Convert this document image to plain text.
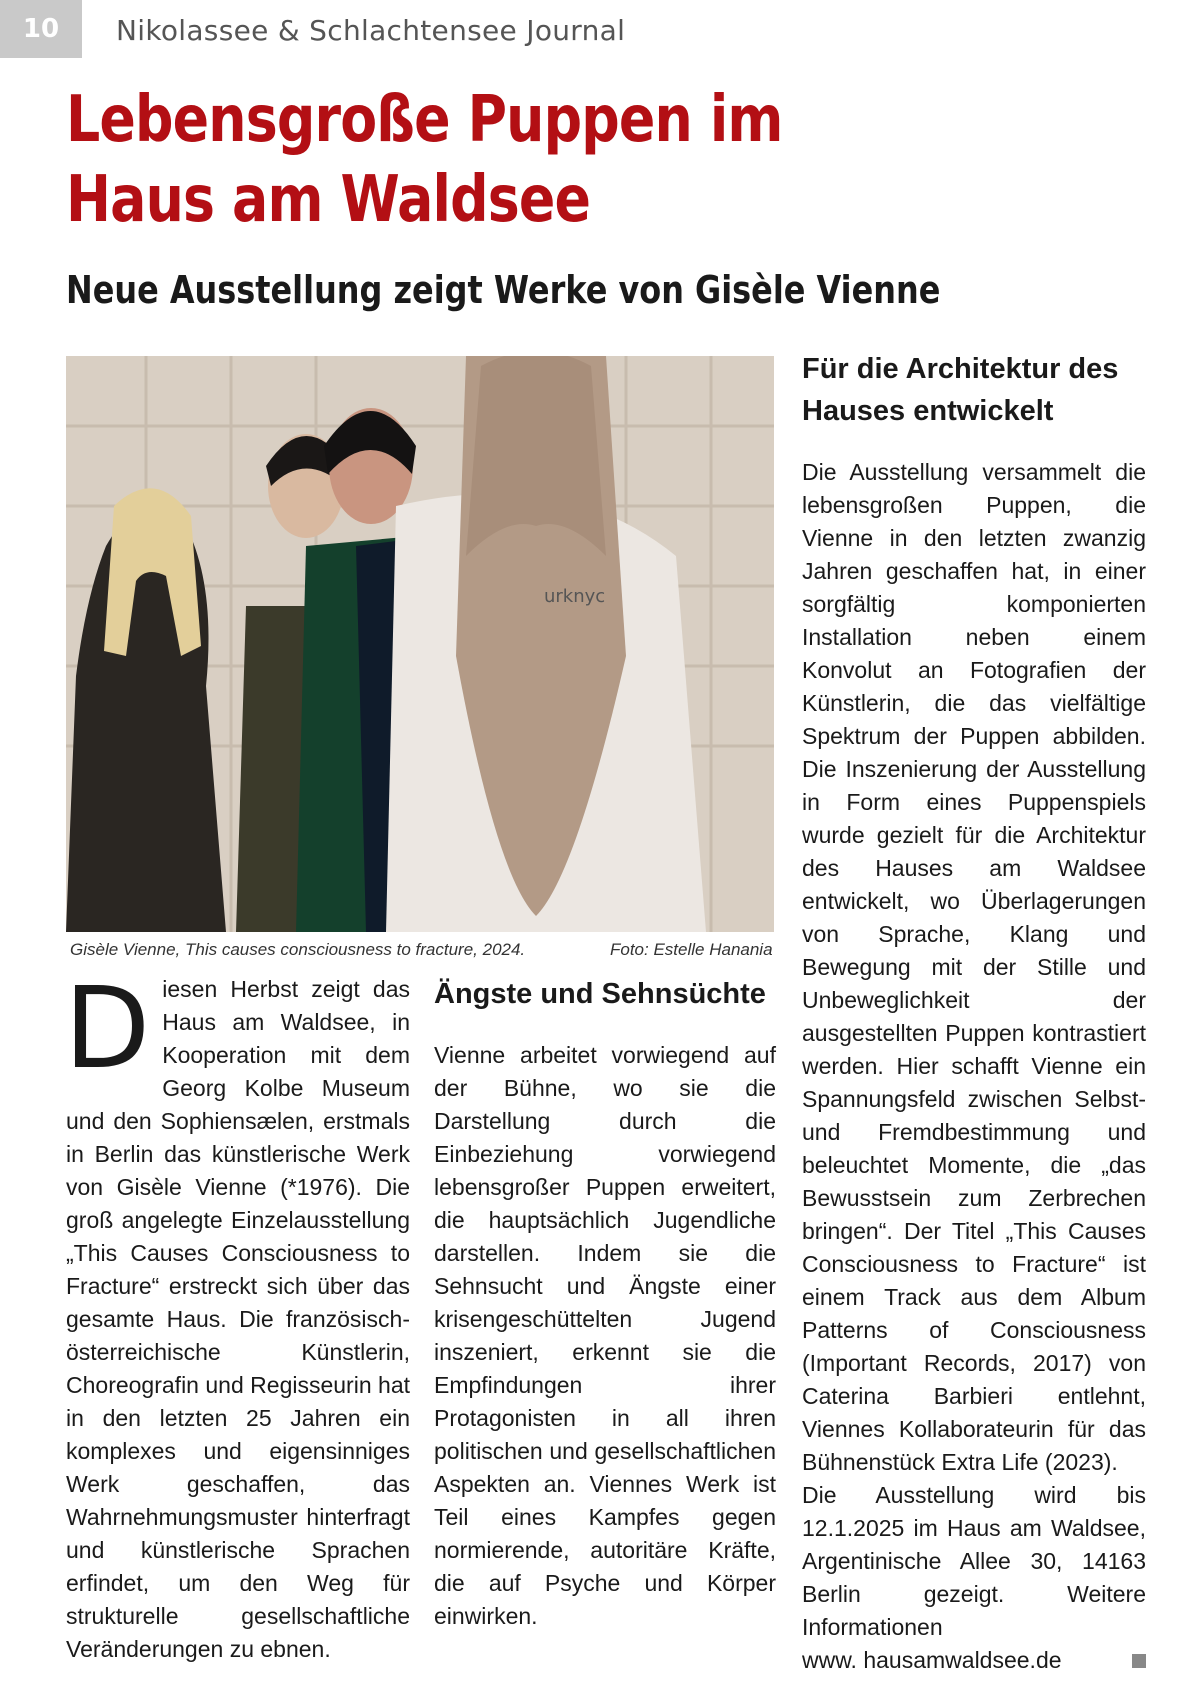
10	Nikolassee & Schlachtensee Journal
Lebensgroße Puppen im
Haus am Waldsee
Neue Ausstellung zeigt Werke von Gisèle Vienne
urknyc
Gisèle Vienne, This causes consciousness to fracture, 2024.	Foto: Estelle Hanania
D iesen Herbst zeigt das Haus am Waldsee, in Kooperation mit dem Georg Kolbe Museum und den Sophiensælen, erstmals in Berlin das künstlerische Werk von Gisèle Vienne (*1976). Die groß angelegte Einzelausstellung „This Causes Consciousness to Fracture“ erstreckt sich über das gesamte Haus. Die französisch-österreichische Künstlerin, Choreografin und Regisseurin hat in den letzten 25 Jahren ein komplexes und eigensinniges Werk geschaffen, das Wahrnehmungsmuster hinterfragt und künstlerische Sprachen erfindet, um den Weg für strukturelle gesellschaftliche Veränderungen zu ebnen.
Ängste und Sehnsüchte

Vienne arbeitet vorwiegend auf der Bühne, wo sie die Darstellung durch die Einbeziehung vorwiegend lebensgroßer Puppen erweitert, die hauptsächlich Jugendliche darstellen. Indem sie die Sehnsucht und Ängste einer krisengeschüttelten Jugend inszeniert, erkennt sie die Empfindungen ihrer Protagonisten in all ihren politischen und gesellschaftlichen Aspekten an. Viennes Werk ist Teil eines Kampfes gegen normierende, autoritäre Kräfte, die auf Psyche und Körper einwirken.

Für die Architektur des Hauses entwickelt

Die Ausstellung versammelt die lebensgroßen Puppen, die Vienne in den letzten zwanzig Jahren geschaffen hat, in einer sorgfältig komponierten Installation neben einem Konvolut an Fotografien der Künstlerin, die das vielfältige Spektrum der Puppen abbilden. Die Inszenierung der Ausstellung in Form eines Puppenspiels wurde gezielt für die Architektur des Hauses am Waldsee entwickelt, wo Überlagerungen von Sprache, Klang und Bewegung mit der Stille und Unbeweglichkeit der ausgestellten Puppen kontrastiert werden. Hier schafft Vienne ein Spannungsfeld zwischen Selbst- und Fremdbestimmung und beleuchtet Momente, die „das Bewusstsein zum Zerbrechen bringen“. Der Titel „This Causes Consciousness to Fracture“ ist einem Track aus dem Album Patterns of Consciousness (Important Records, 2017) von Caterina Barbieri entlehnt, Viennes Kollaborateurin für das Bühnenstück Extra Life (2023).

Die Ausstellung wird bis 12.1.2025 im Haus am Waldsee, Argentinische Allee 30, 14163 Berlin gezeigt. Weitere Informationen

www. hausamwaldsee.de
